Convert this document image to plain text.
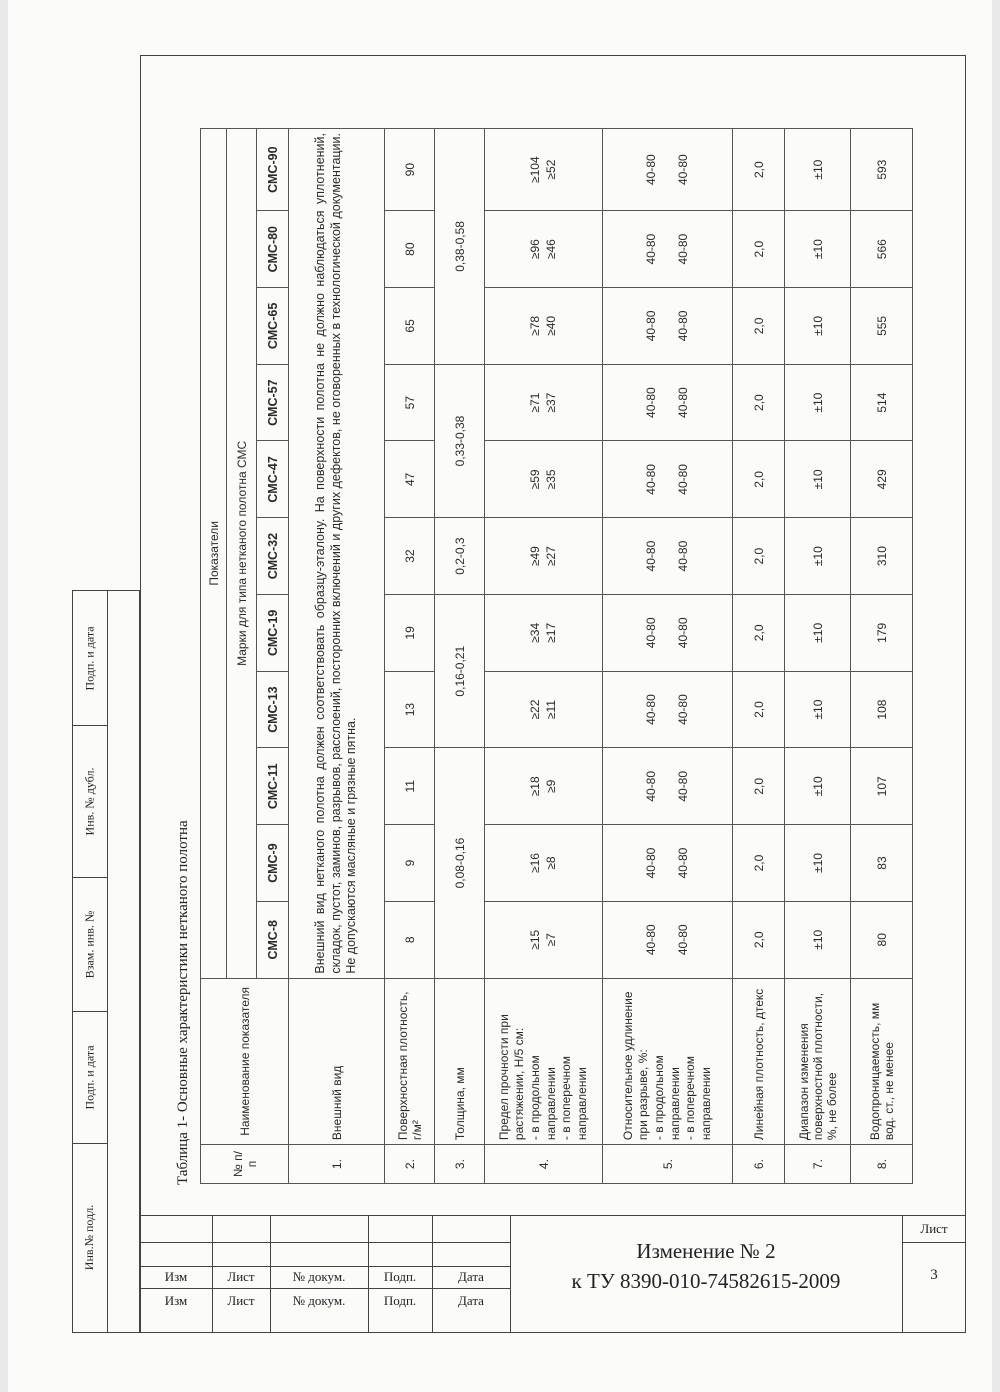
Подп. и дата
Инв. № дубл.
Взам. инв. №
Подп. и дата
Инв.№ подл.
Таблица 1- Основные характеристики нетканого полотна	№ п/п	Наименование показателя	Показатели										
		Марки для типа нетканого полотна СМС										
		СМС-8	СМС-9	СМС-11	СМС-13	СМС-19	СМС-32	СМС-47	СМС-57	СМС-65	СМС-80	СМС-90
1.	Внешний вид	Внешний вид нетканого полотна должен соответствовать образцу-эталону. На поверхности полотна не должно наблюдаться уплотнений, складок, пустот, заминов, разрывов, расслоений, посторонних включений и других дефектов, не оговоренных в технологической документации. Не допускаются масляные и грязные пятна.										
2.	Поверхностная плотность, г/м²	8	9	11	13	19	32	47	57	65	80	90
3.	Толщина, мм	0,08-0,16			0,16-0,21		0,2-0,3	0,33-0,38		0,38-0,58		
4.	Предел прочности при растяжении, Н/5 см: - в продольном направлении - в поперечном направлении	≥15 ≥7	≥16 ≥8	≥18 ≥9	≥22 ≥11	≥34 ≥17	≥49 ≥27	≥59 ≥35	≥71 ≥37	≥78 ≥40	≥96 ≥46	≥104 ≥52

5.	Относительное удлинение при разрыве, %: - в продольном направлении - в поперечном направлении	40-80 40-80	40-80 40-80	40-80 40-80	40-80 40-80	40-80 40-80	40-80 40-80	40-80 40-80	40-80 40-80	40-80 40-80	40-80 40-80	40-80 40-80

6.	Линейная плотность, дтекс	2,0	2,0	2,0	2,0	2,0	2,0	2,0	2,0	2,0	2,0	2,0
7.	Диапазон изменения поверхностной плотности, %, не более	±10	±10	±10	±10	±10	±10	±10	±10	±10	±10	±10
8.	Водопроницаемость, мм вод. ст., не менее	80	83	107	108	179	310	429	514	555	566	593
Изм	Лист	№ докум.	Подп.	Дата
Изм	Лист	№ докум.	Подп.	Дата
Изменение № 2
к ТУ 8390-010-74582615-2009
Лист
3
